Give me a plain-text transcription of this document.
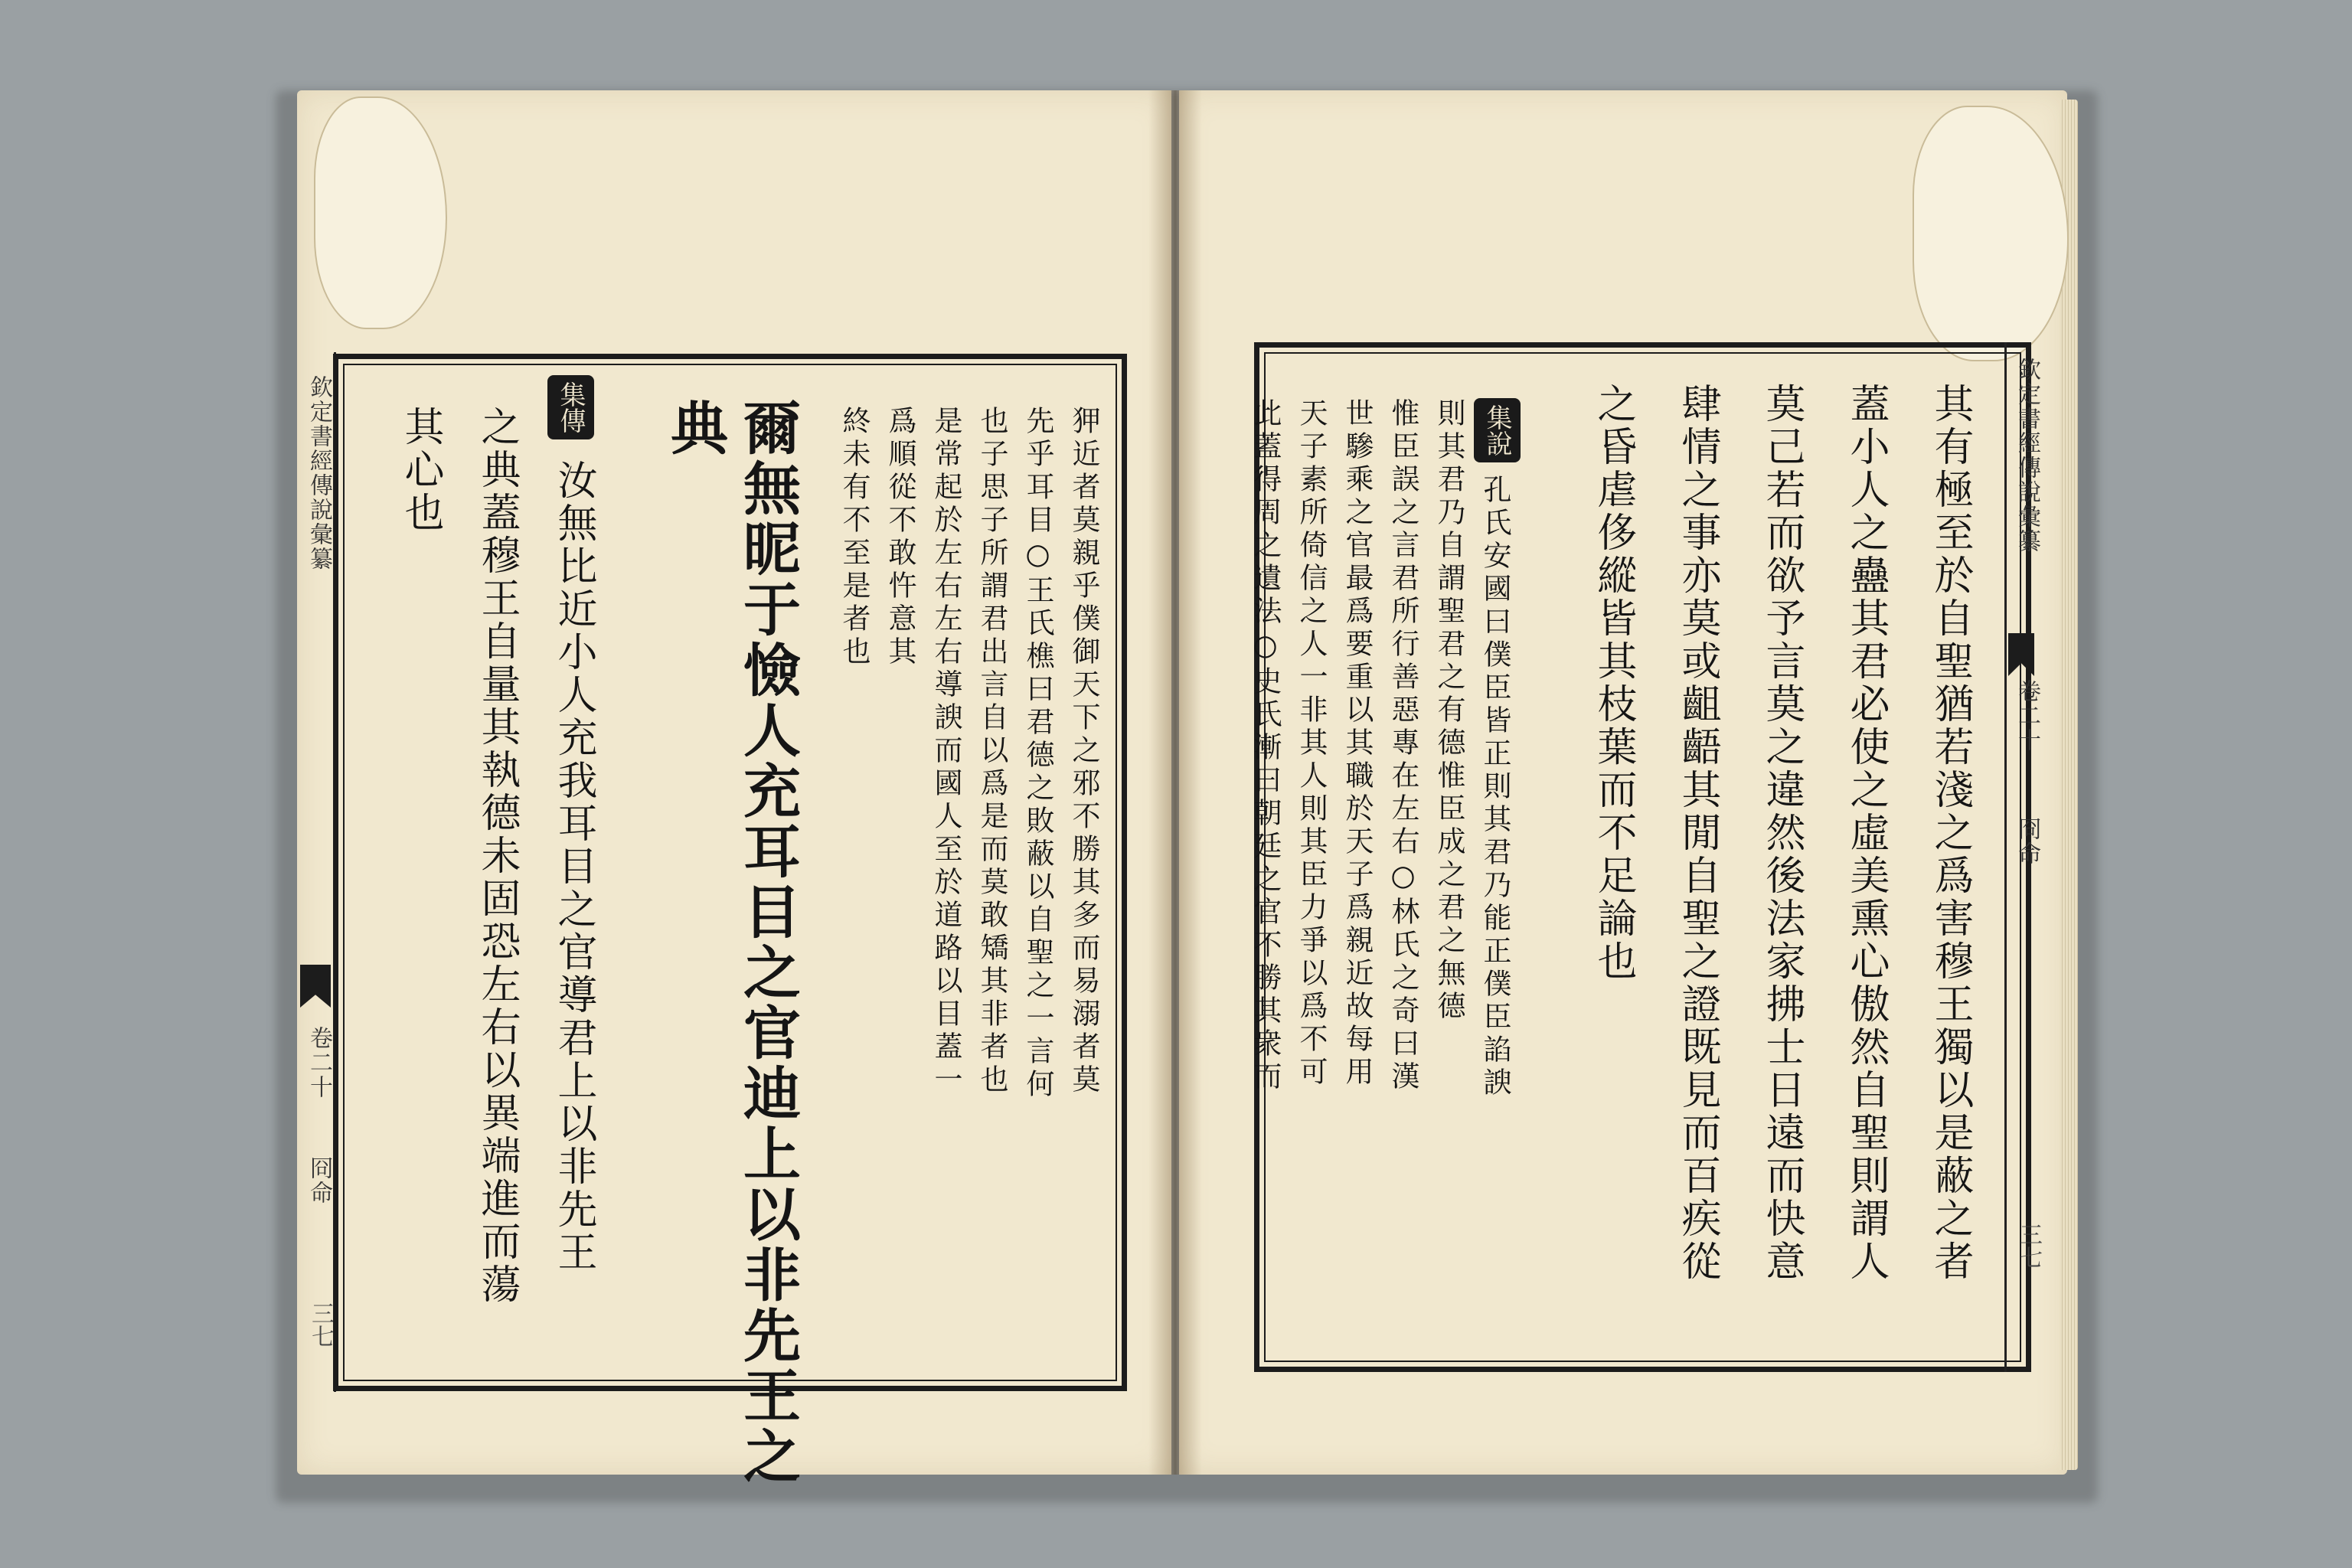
欽定書經傳說彙纂
卷二十
冏命
三七	爾無昵于憸人充耳目之官迪上以非先王之
典	狎近者莫親乎僕御天下之邪不勝其多而易溺者莫
先乎耳目○王氏樵曰君德之敗蔽以自聖之一言何
也子思子所謂君出言自以爲是而莫敢矯其非者也
是常起於左右左右導諛而國人至於道路以目蓋一
爲順從不敢忤意其
終未有不至是者也
集傳
汝無比近小人充我耳目之官導君上以非先王
之典蓋穆王自量其執德未固恐左右以異端進而蕩
其心也	欽定書經傳說彙纂
卷二十
冏命
三七
其有極至於自聖猶若淺之爲害穆王獨以是蔽之者
蓋小人之蠱其君必使之虛美熏心傲然自聖則謂人
莫己若而欲予言莫之違然後法家拂士日遠而快意
肆情之事亦莫或齟齬其閒自聖之證既見而百疾從
之昏虐侈縱皆其枝葉而不足論也
集說
孔氏安國曰僕臣皆正則其君乃能正僕臣諂諛
則其君乃自謂聖君之有德惟臣成之君之無德
惟臣誤之言君所行善惡專在左右○林氏之奇曰漢
世驂乘之官最爲要重以其職於天子爲親近故每用
天子素所倚信之人一非其人則其臣力爭以爲不可
此蓋得周之遺法○史氏漸曰朝廷之官不勝其衆而
